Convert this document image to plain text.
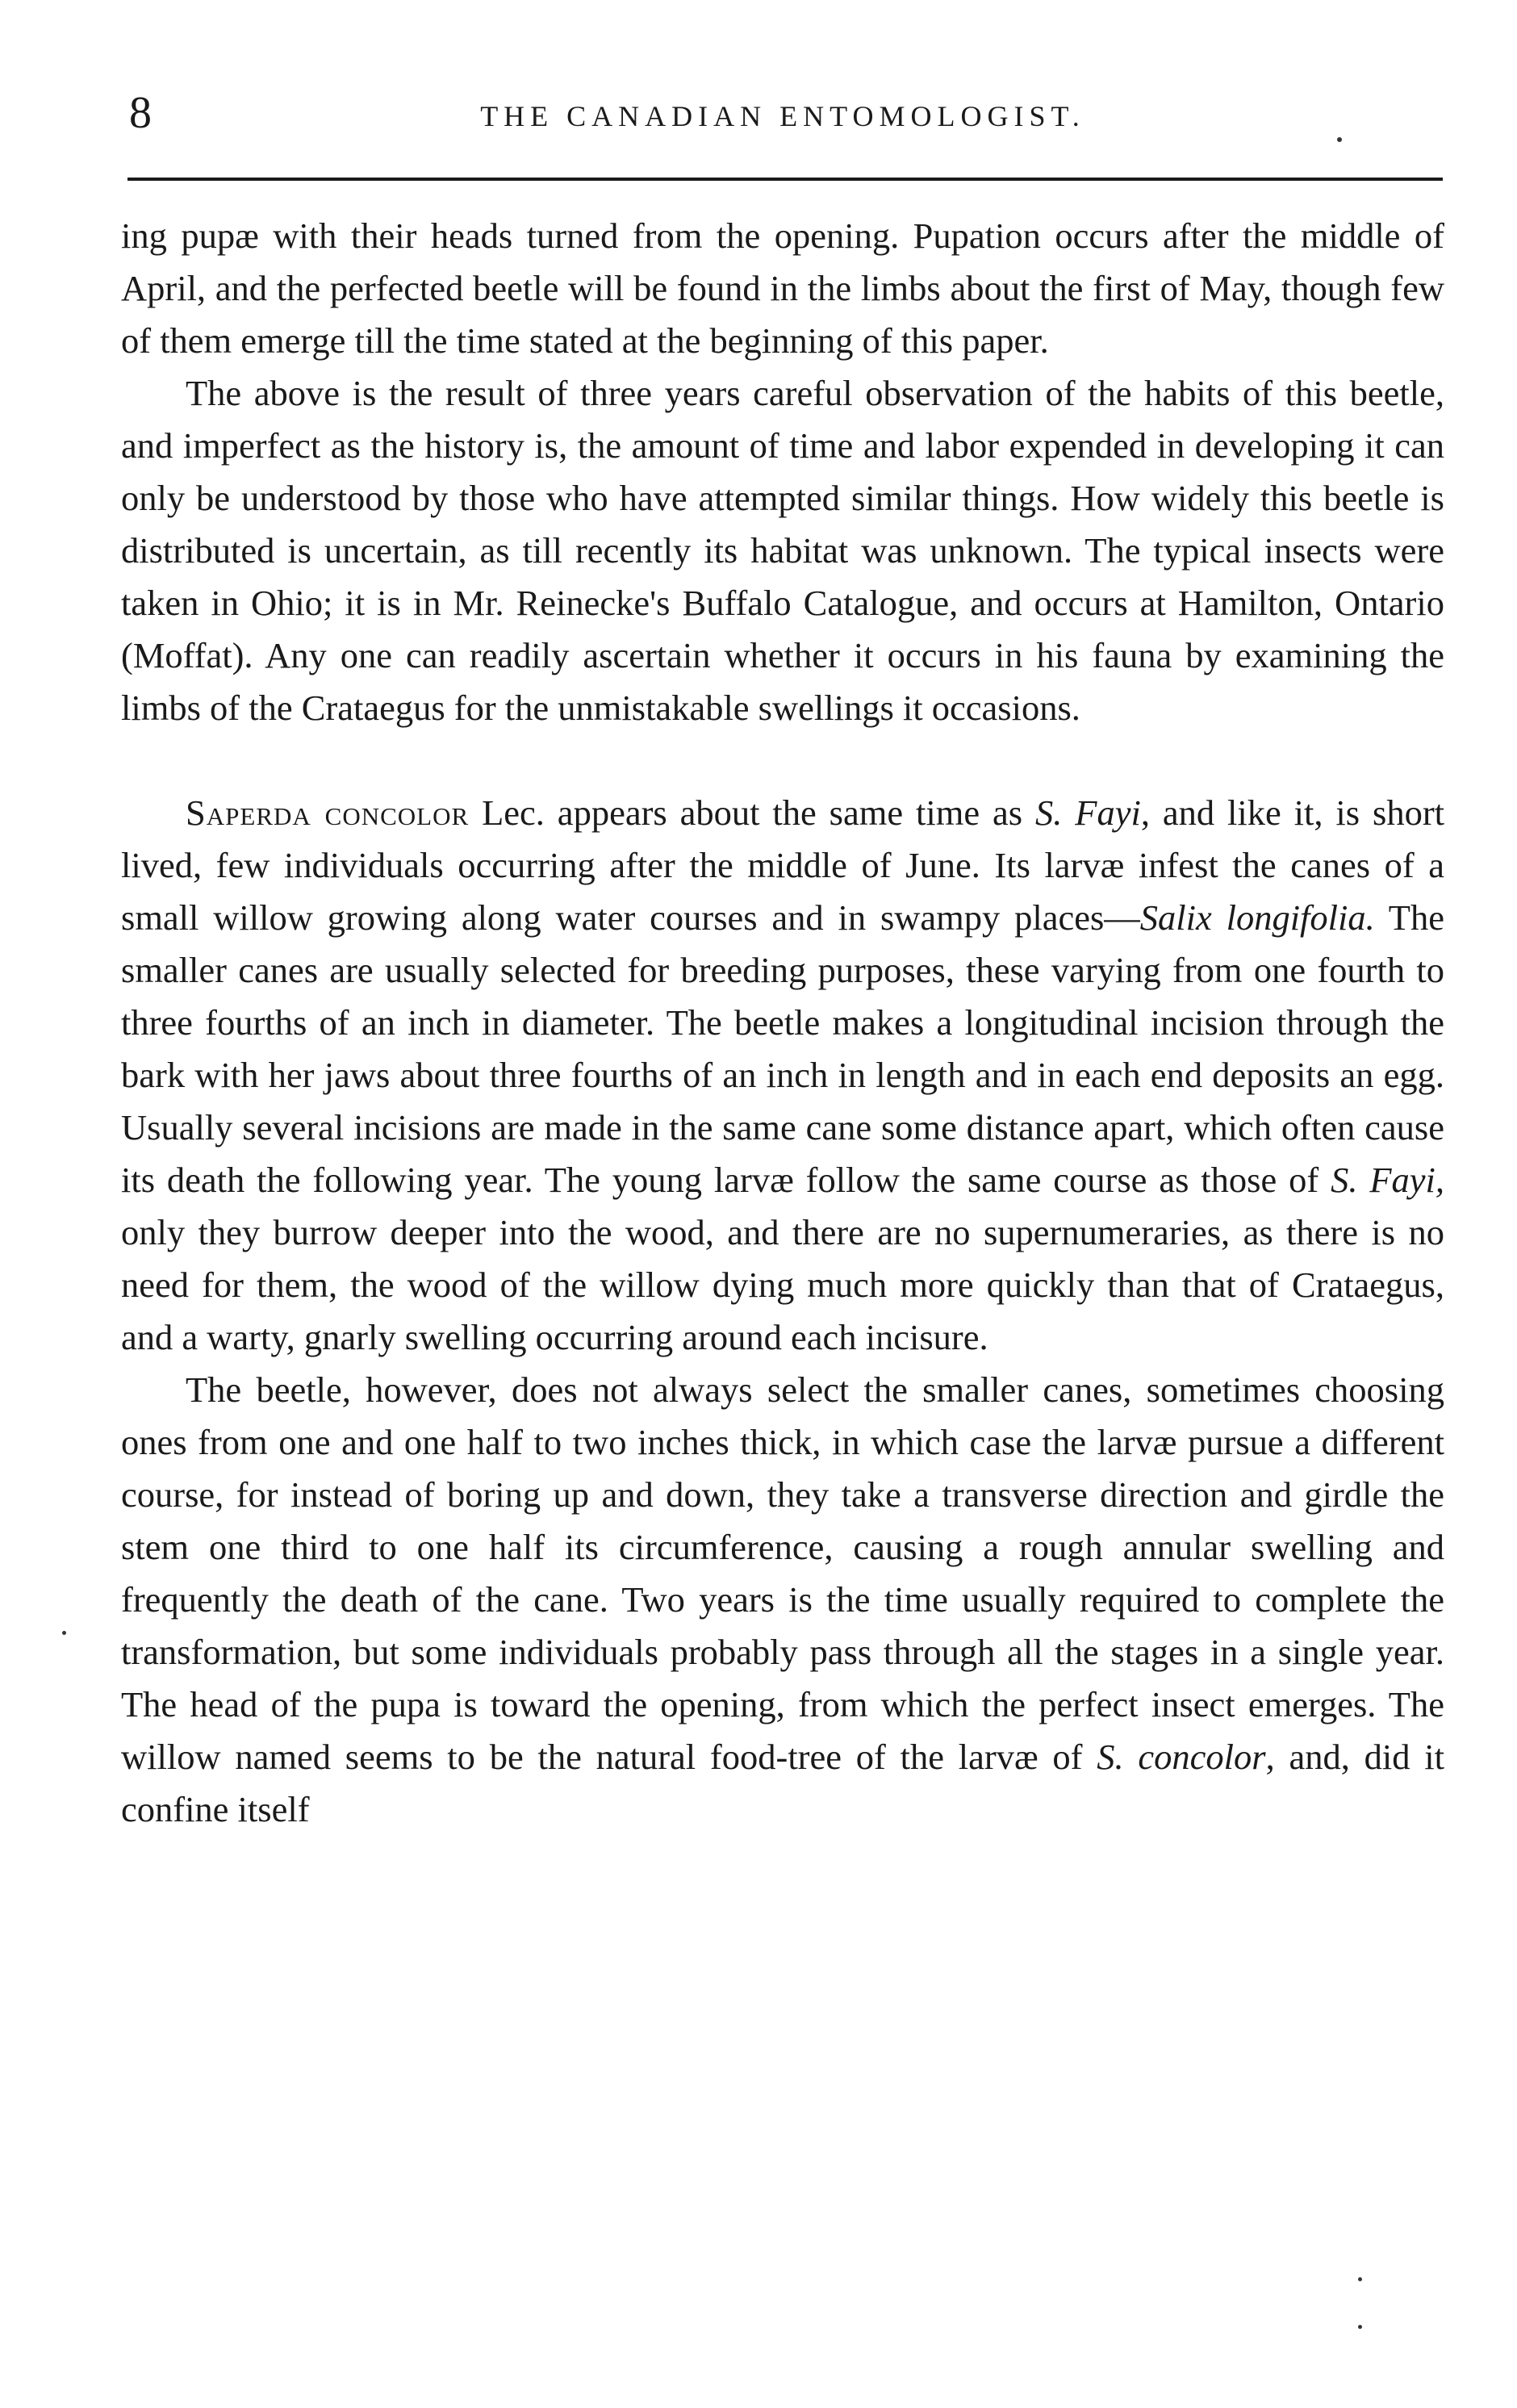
8	THE CANADIAN ENTOMOLOGIST.

ing pupæ with their heads turned from the opening. Pupation occurs after the middle of April, and the perfected beetle will be found in the limbs about the first of May, though few of them emerge till the time stated at the beginning of this paper.

The above is the result of three years careful observation of the habits of this beetle, and imperfect as the history is, the amount of time and labor expended in developing it can only be understood by those who have attempted similar things. How widely this beetle is distributed is uncertain, as till recently its habitat was unknown. The typical insects were taken in Ohio; it is in Mr. Reinecke's Buffalo Catalogue, and occurs at Hamilton, Ontario (Moffat). Any one can readily ascertain whether it occurs in his fauna by examining the limbs of the Crataegus for the unmistakable swellings it occasions.

Saperda concolor Lec. appears about the same time as S. Fayi, and like it, is short lived, few individuals occurring after the middle of June. Its larvæ infest the canes of a small willow growing along water courses and in swampy places—Salix longifolia. The smaller canes are usually selected for breeding purposes, these varying from one fourth to three fourths of an inch in diameter. The beetle makes a longitudinal incision through the bark with her jaws about three fourths of an inch in length and in each end deposits an egg. Usually several incisions are made in the same cane some distance apart, which often cause its death the following year. The young larvæ follow the same course as those of S. Fayi, only they burrow deeper into the wood, and there are no supernumeraries, as there is no need for them, the wood of the willow dying much more quickly than that of Crataegus, and a warty, gnarly swelling occurring around each incisure.

The beetle, however, does not always select the smaller canes, sometimes choosing ones from one and one half to two inches thick, in which case the larvæ pursue a different course, for instead of boring up and down, they take a transverse direction and girdle the stem one third to one half its circumference, causing a rough annular swelling and frequently the death of the cane. Two years is the time usually required to complete the transformation, but some individuals probably pass through all the stages in a single year. The head of the pupa is toward the opening, from which the perfect insect emerges. The willow named seems to be the natural food-tree of the larvæ of S. concolor, and, did it confine itself
